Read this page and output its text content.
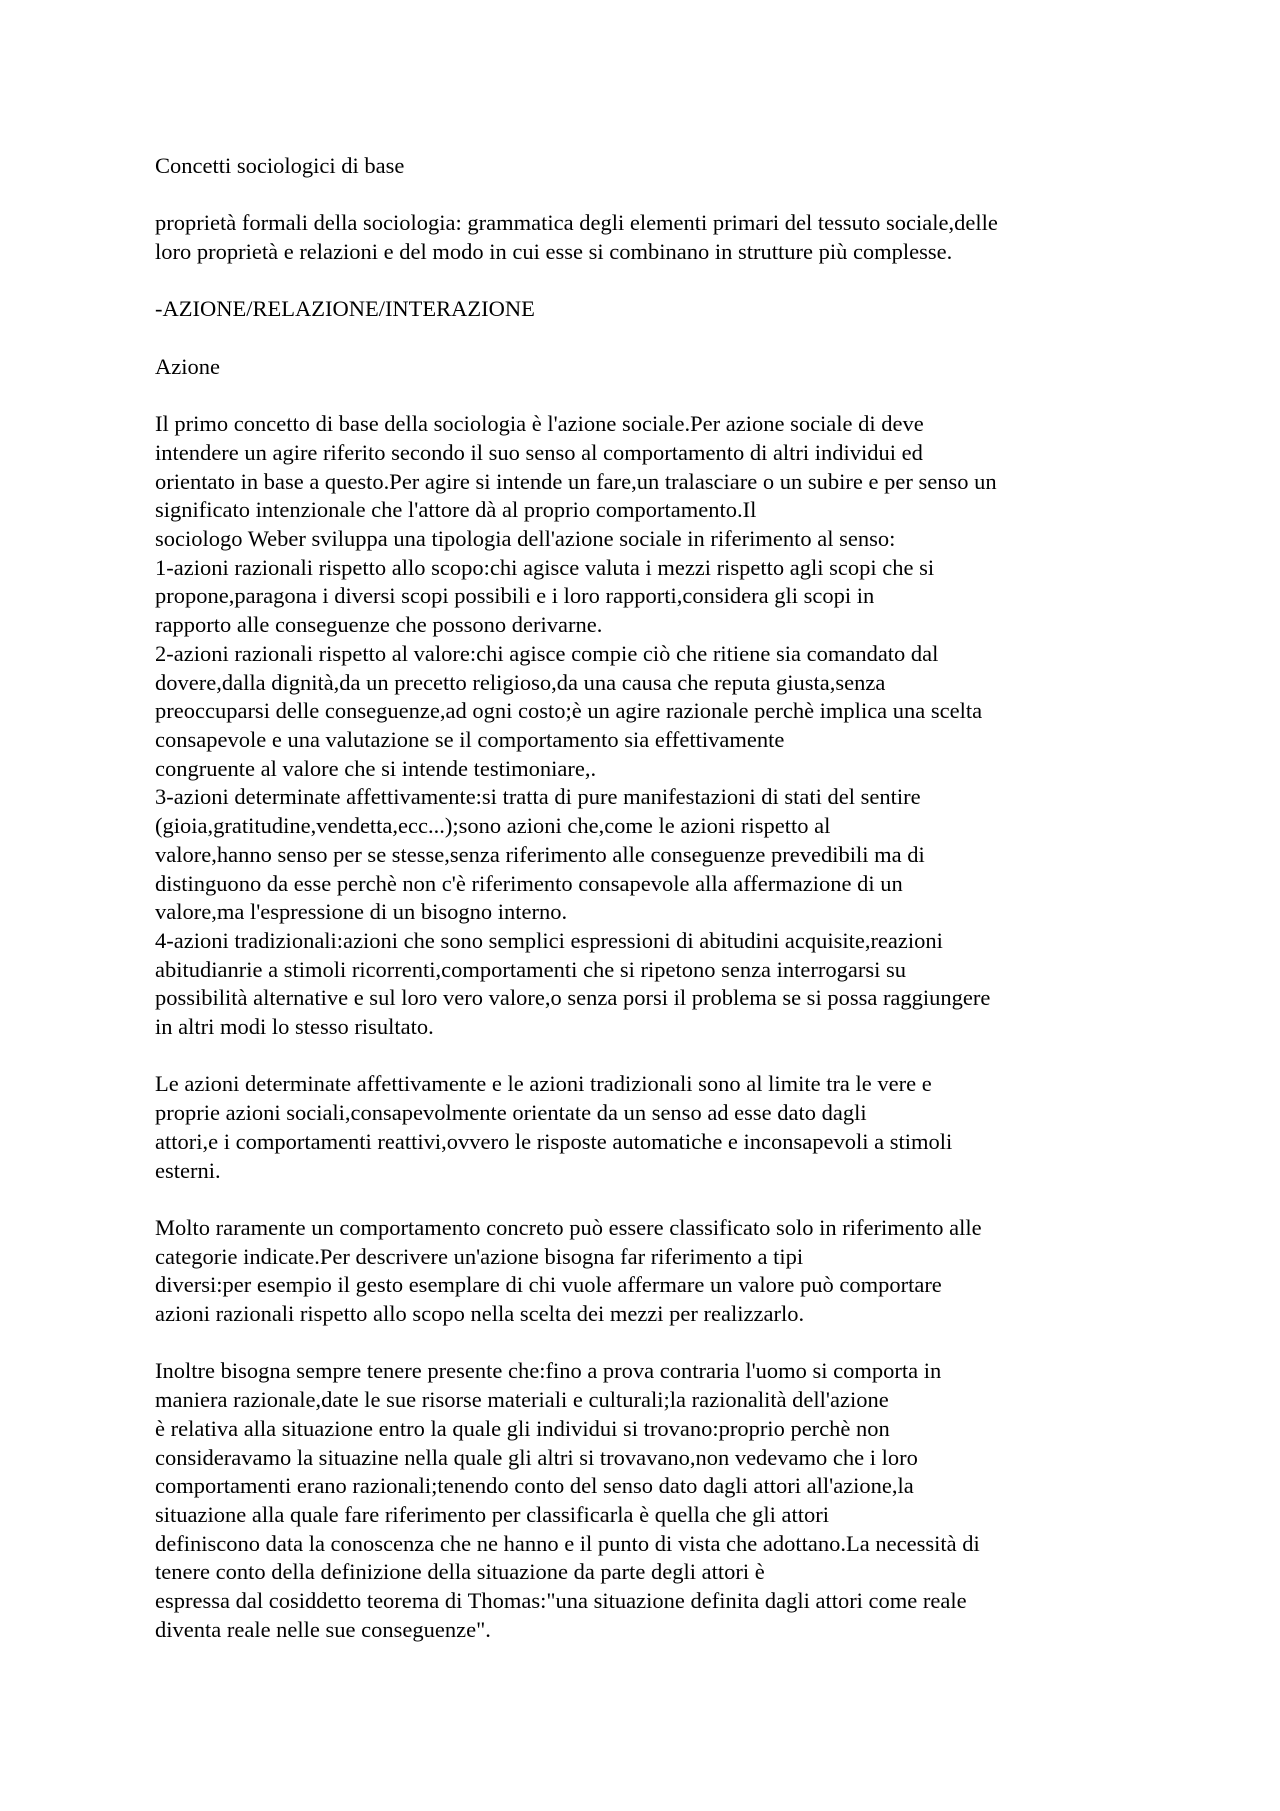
Concetti sociologici di base
proprietà formali della sociologia: grammatica degli elementi primari del tessuto sociale,delle
loro proprietà e relazioni e del modo in cui esse si combinano in strutture più complesse.
-AZIONE/RELAZIONE/INTERAZIONE
Azione
Il primo concetto di base della sociologia è l'azione sociale.Per azione sociale di deve
intendere un agire riferito secondo il suo senso al comportamento di altri individui ed
orientato in base a questo.Per agire si intende un fare,un tralasciare o un subire e per senso un
significato intenzionale che l'attore dà al proprio comportamento.Il
sociologo Weber sviluppa una tipologia dell'azione sociale in riferimento al senso:
1-azioni razionali rispetto allo scopo:chi agisce valuta i mezzi rispetto agli scopi che si
propone,paragona i diversi scopi possibili e i loro rapporti,considera gli scopi in
rapporto alle conseguenze che possono derivarne.
2-azioni razionali rispetto al valore:chi agisce compie ciò che ritiene sia comandato dal
dovere,dalla dignità,da un precetto religioso,da una causa che reputa giusta,senza
preoccuparsi delle conseguenze,ad ogni costo;è un agire razionale perchè implica una scelta
consapevole e una valutazione se il comportamento sia effettivamente
congruente al valore che si intende testimoniare,.
3-azioni determinate affettivamente:si tratta di pure manifestazioni di stati del sentire
(gioia,gratitudine,vendetta,ecc...);sono azioni che,come le azioni rispetto al
valore,hanno senso per se stesse,senza riferimento alle conseguenze prevedibili ma di
distinguono da esse perchè non c'è riferimento consapevole alla affermazione di un
valore,ma l'espressione di un bisogno interno.
4-azioni tradizionali:azioni che sono semplici espressioni di abitudini acquisite,reazioni
abitudianrie a stimoli ricorrenti,comportamenti che si ripetono senza interrogarsi su
possibilità alternative e sul loro vero valore,o senza porsi il problema se si possa raggiungere
in altri modi lo stesso risultato.
Le azioni determinate affettivamente e le azioni tradizionali sono al limite tra le vere e
proprie azioni sociali,consapevolmente orientate da un senso ad esse dato dagli
attori,e i comportamenti reattivi,ovvero le risposte automatiche e inconsapevoli a stimoli
esterni.
Molto raramente un comportamento concreto può essere classificato solo in riferimento alle
categorie indicate.Per descrivere un'azione bisogna far riferimento a tipi
diversi:per esempio il gesto esemplare di chi vuole affermare un valore può comportare
azioni razionali rispetto allo scopo nella scelta dei mezzi per realizzarlo.
Inoltre bisogna sempre tenere presente che:fino a prova contraria l'uomo si comporta in
maniera razionale,date le sue risorse materiali e culturali;la razionalità dell'azione
è relativa alla situazione entro la quale gli individui si trovano:proprio perchè non
consideravamo la situazine nella quale gli altri si trovavano,non vedevamo che i loro
comportamenti erano razionali;tenendo conto del senso dato dagli attori all'azione,la
situazione alla quale fare riferimento per classificarla è quella che gli attori
definiscono data la conoscenza che ne hanno e il punto di vista che adottano.La necessità di
tenere conto della definizione della situazione da parte degli attori è
espressa dal cosiddetto teorema di Thomas:"una situazione definita dagli attori come reale
diventa reale nelle sue conseguenze".
